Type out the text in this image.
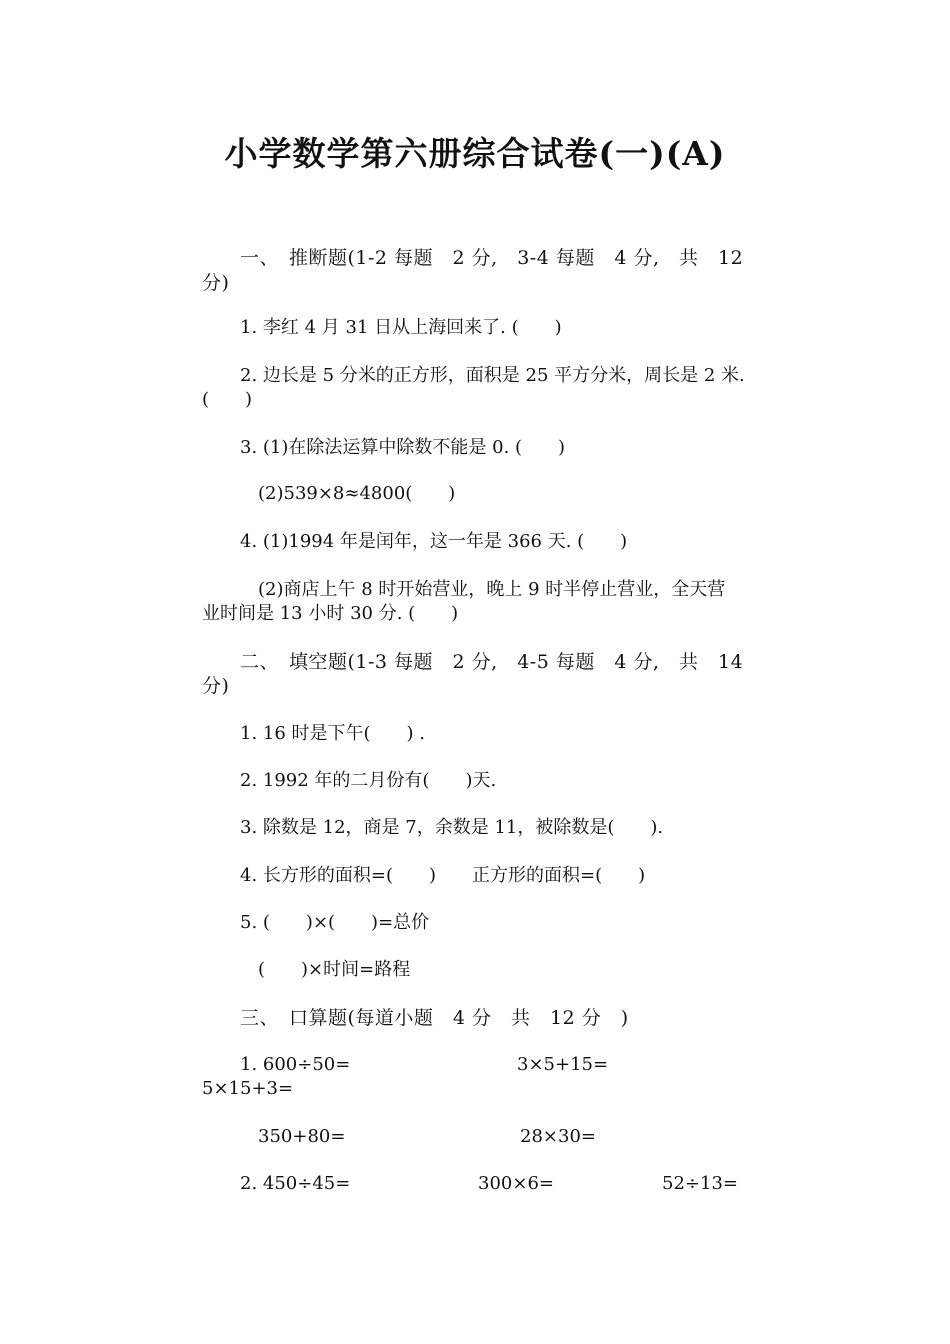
小学数学第六册综合试卷(一)(A)
一、　推断题(1-2 每题　2 分,　3-4 每题　4 分,　共　12
分)
1. 李红 4 月 31 日从上海回来了. (　　)
2. 边长是 5 分米的正方形，面积是 25 平方分米，周长是 2 米.
(　　)
3. (1)在除法运算中除数不能是 0. (　　)
(2)539×8≈4800(　　)
4. (1)1994 年是闰年，这一年是 366 天. (　　)
(2)商店上午 8 时开始营业，晚上 9 时半停止营业，全天营
业时间是 13 小时 30 分. (　　)
二、　填空题(1-3 每题　2 分,　4-5 每题　4 分,　共　14
分)
1. 16 时是下午(　　) .
2. 1992 年的二月份有(　　)天.
3. 除数是 12，商是 7，余数是 11，被除数是(　　).
4. 长方形的面积=(　　)　　正方形的面积=(　　)
5. (　　)×(　　)=总价
(　　)×时间=路程
三、　口算题(每道小题　4 分　共　12 分　)
1. 600÷50=	3×5+15=
5×15+3=
350+80=	28×30=
2. 450÷45=	300×6=	52÷13=
